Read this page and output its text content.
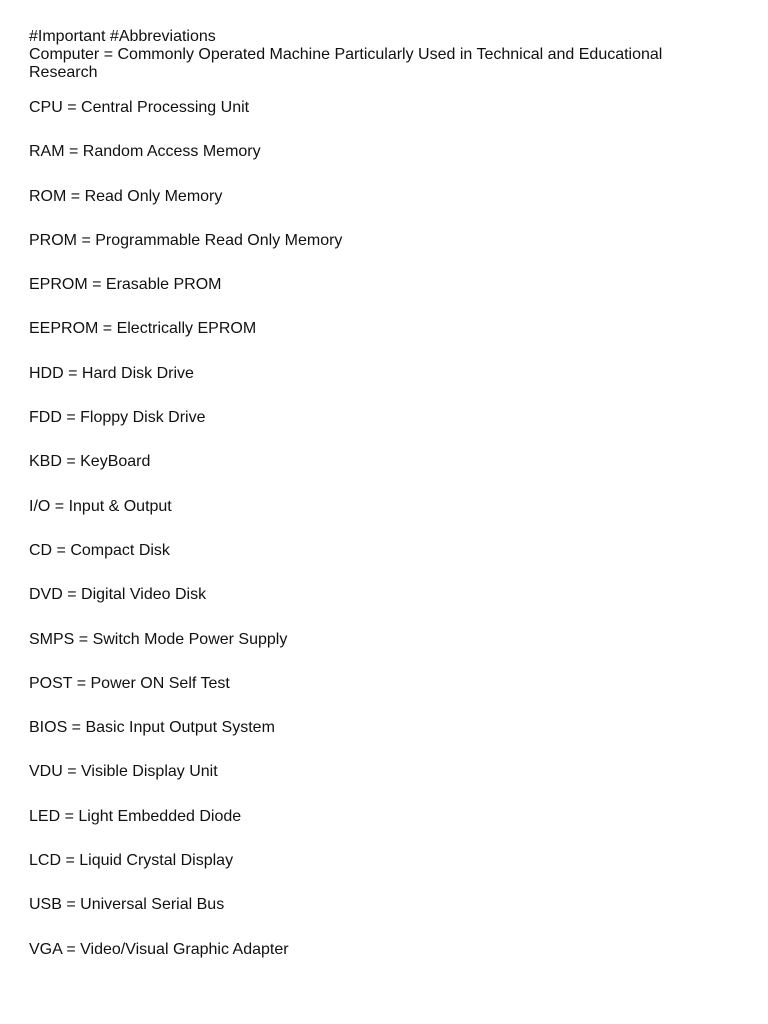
#Important #Abbreviations
Computer = Commonly Operated Machine Particularly Used in Technical and Educational Research
CPU = Central Processing Unit
RAM = Random Access Memory
ROM = Read Only Memory
PROM = Programmable Read Only Memory
EPROM = Erasable PROM
EEPROM = Electrically EPROM
HDD = Hard Disk Drive
FDD = Floppy Disk Drive
KBD = KeyBoard
I/O = Input & Output
CD = Compact Disk
DVD = Digital Video Disk
SMPS = Switch Mode Power Supply
POST = Power ON Self Test
BIOS = Basic Input Output System
VDU = Visible Display Unit
LED = Light Embedded Diode
LCD = Liquid Crystal Display
USB = Universal Serial Bus
VGA = Video/Visual Graphic Adapter
